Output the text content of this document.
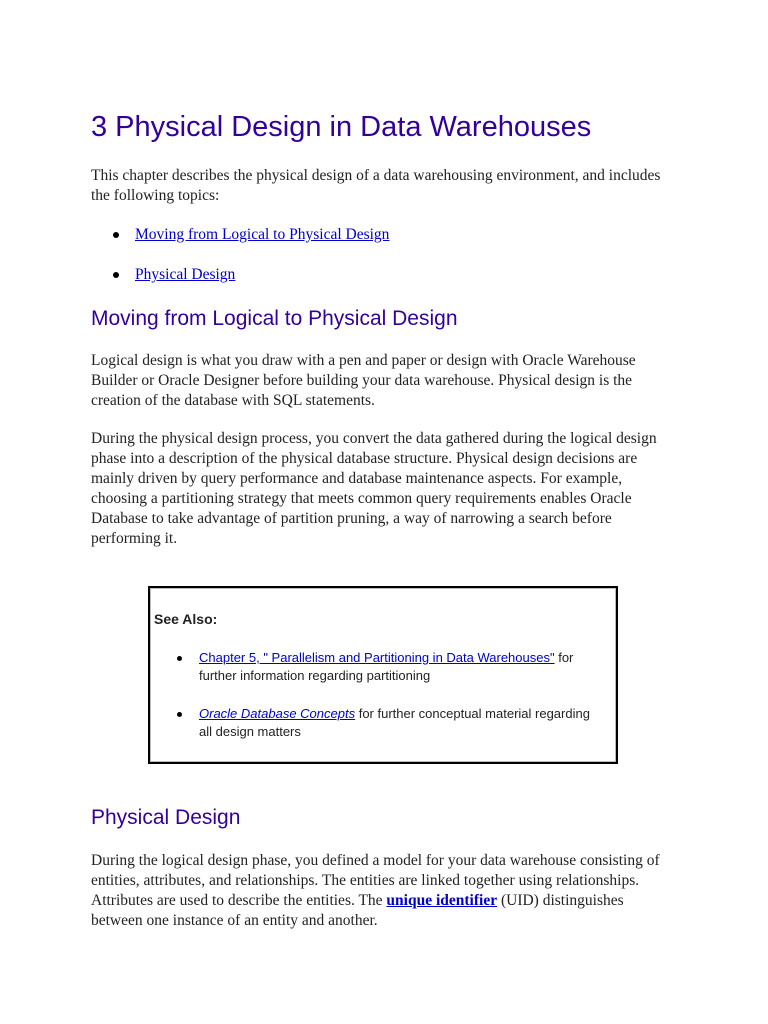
3 Physical Design in Data Warehouses

This chapter describes the physical design of a data warehousing environment, and includes the following topics:

Moving from Logical to Physical Design
Physical Design
Moving from Logical to Physical Design

Logical design is what you draw with a pen and paper or design with Oracle Warehouse Builder or Oracle Designer before building your data warehouse. Physical design is the creation of the database with SQL statements.

During the physical design process, you convert the data gathered during the logical design phase into a description of the physical database structure. Physical design decisions are mainly driven by query performance and database maintenance aspects. For example, choosing a partitioning strategy that meets common query requirements enables Oracle Database to take advantage of partition pruning, a way of narrowing a search before performing it.

See Also:
Chapter 5, " Parallelism and Partitioning in Data Warehouses" for
further information regarding partitioning
Oracle Database Concepts for further conceptual material regarding
all design matters
Physical Design

During the logical design phase, you defined a model for your data warehouse consisting of entities, attributes, and relationships. The entities are linked together using relationships. Attributes are used to describe the entities. The unique identifier (UID) distinguishes between one instance of an entity and another.
